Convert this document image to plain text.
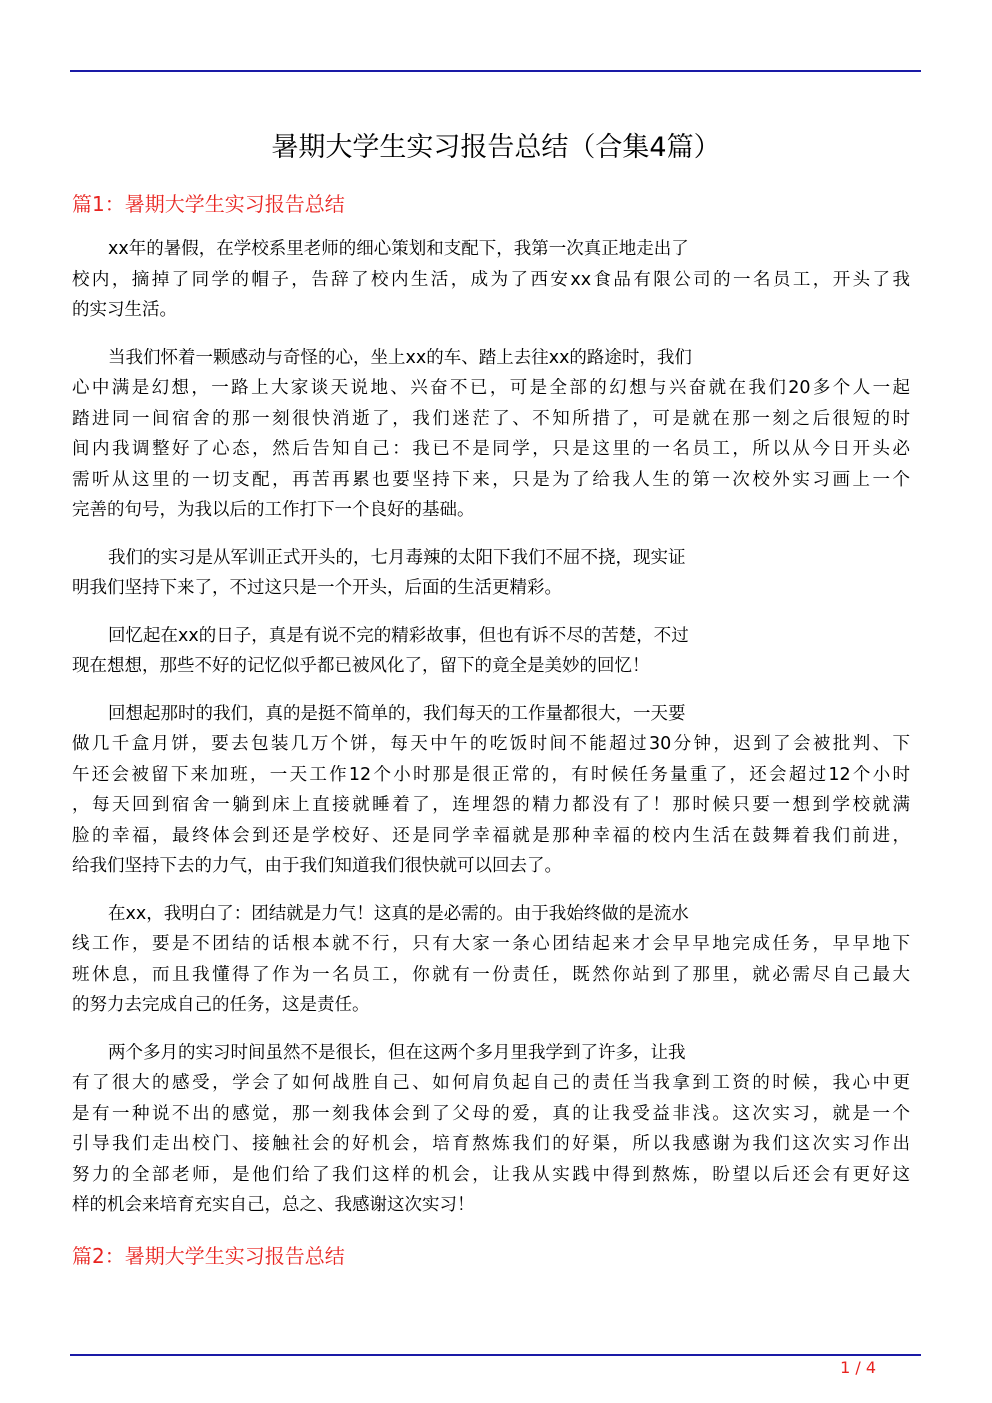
暑期大学生实习报告总结（合集4篇）
篇1：暑期大学生实习报告总结
xx年的暑假，在学校系里老师的细心策划和支配下，我第一次真正地走出了
校内，摘掉了同学的帽子，告辞了校内生活，成为了西安xx食品有限公司的一名员工，开头了我
的实习生活。
当我们怀着一颗感动与奇怪的心，坐上xx的车、踏上去往xx的路途时，我们
心中满是幻想，一路上大家谈天说地、兴奋不已，可是全部的幻想与兴奋就在我们20多个人一起
踏进同一间宿舍的那一刻很快消逝了，我们迷茫了、不知所措了，可是就在那一刻之后很短的时
间内我调整好了心态，然后告知自己：我已不是同学，只是这里的一名员工，所以从今日开头必
需听从这里的一切支配，再苦再累也要坚持下来，只是为了给我人生的第一次校外实习画上一个
完善的句号，为我以后的工作打下一个良好的基础。
我们的实习是从军训正式开头的，七月毒辣的太阳下我们不屈不挠，现实证
明我们坚持下来了，不过这只是一个开头，后面的生活更精彩。
回忆起在xx的日子，真是有说不完的精彩故事，但也有诉不尽的苦楚，不过
现在想想，那些不好的记忆似乎都已被风化了，留下的竟全是美妙的回忆！
回想起那时的我们，真的是挺不简单的，我们每天的工作量都很大，一天要
做几千盒月饼，要去包装几万个饼，每天中午的吃饭时间不能超过30分钟，迟到了会被批判、下
午还会被留下来加班，一天工作12个小时那是很正常的，有时候任务量重了，还会超过12个小时
，每天回到宿舍一躺到床上直接就睡着了，连埋怨的精力都没有了！那时候只要一想到学校就满
脸的幸福，最终体会到还是学校好、还是同学幸福就是那种幸福的校内生活在鼓舞着我们前进，
给我们坚持下去的力气，由于我们知道我们很快就可以回去了。
在xx，我明白了：团结就是力气！这真的是必需的。由于我始终做的是流水
线工作，要是不团结的话根本就不行，只有大家一条心团结起来才会早早地完成任务，早早地下
班休息，而且我懂得了作为一名员工，你就有一份责任，既然你站到了那里，就必需尽自己最大
的努力去完成自己的任务，这是责任。
两个多月的实习时间虽然不是很长，但在这两个多月里我学到了许多，让我
有了很大的感受，学会了如何战胜自己、如何肩负起自己的责任当我拿到工资的时候，我心中更
是有一种说不出的感觉，那一刻我体会到了父母的爱，真的让我受益非浅。这次实习，就是一个
引导我们走出校门、接触社会的好机会，培育熬炼我们的好渠，所以我感谢为我们这次实习作出
努力的全部老师，是他们给了我们这样的机会，让我从实践中得到熬炼，盼望以后还会有更好这
样的机会来培育充实自己，总之、我感谢这次实习！
篇2：暑期大学生实习报告总结
1 / 4
